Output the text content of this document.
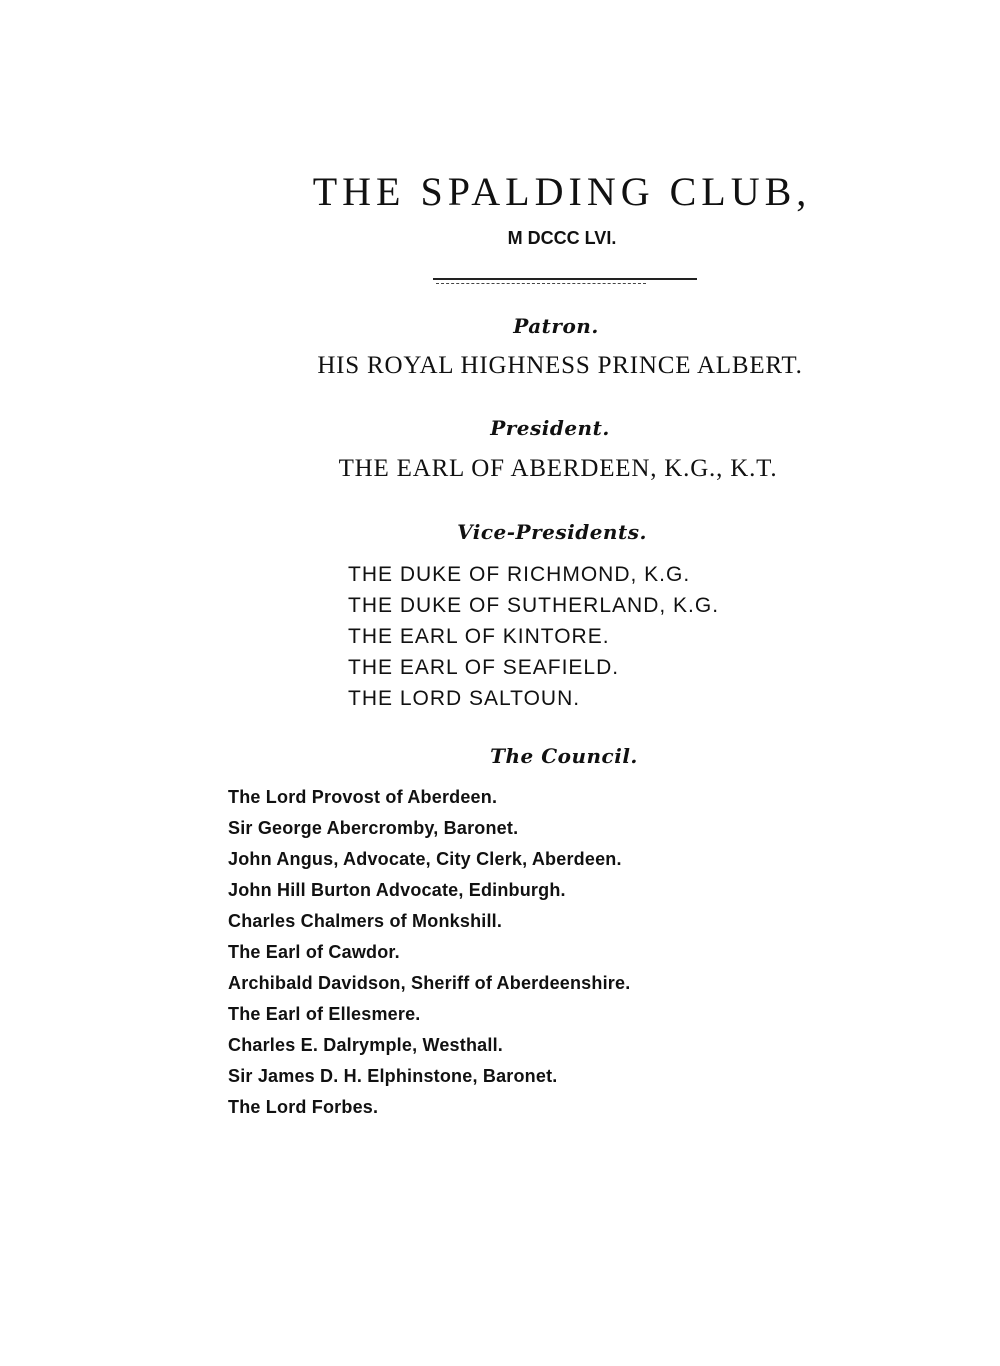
THE SPALDING CLUB,
M DCCC LVI.
Patron.
HIS ROYAL HIGHNESS PRINCE ALBERT.
President.
THE EARL OF ABERDEEN, K.G., K.T.
Vice-Presidents.
THE DUKE OF RICHMOND, K.G.
THE DUKE OF SUTHERLAND, K.G.
THE EARL OF KINTORE.
THE EARL OF SEAFIELD.
THE LORD SALTOUN.
The Council.
The Lord Provost of Aberdeen.
Sir George Abercromby, Baronet.
John Angus, Advocate, City Clerk, Aberdeen.
John Hill Burton Advocate, Edinburgh.
Charles Chalmers of Monkshill.
The Earl of Cawdor.
Archibald Davidson, Sheriff of Aberdeenshire.
The Earl of Ellesmere.
Charles E. Dalrymple, Westhall.
Sir James D. H. Elphinstone, Baronet.
The Lord Forbes.
